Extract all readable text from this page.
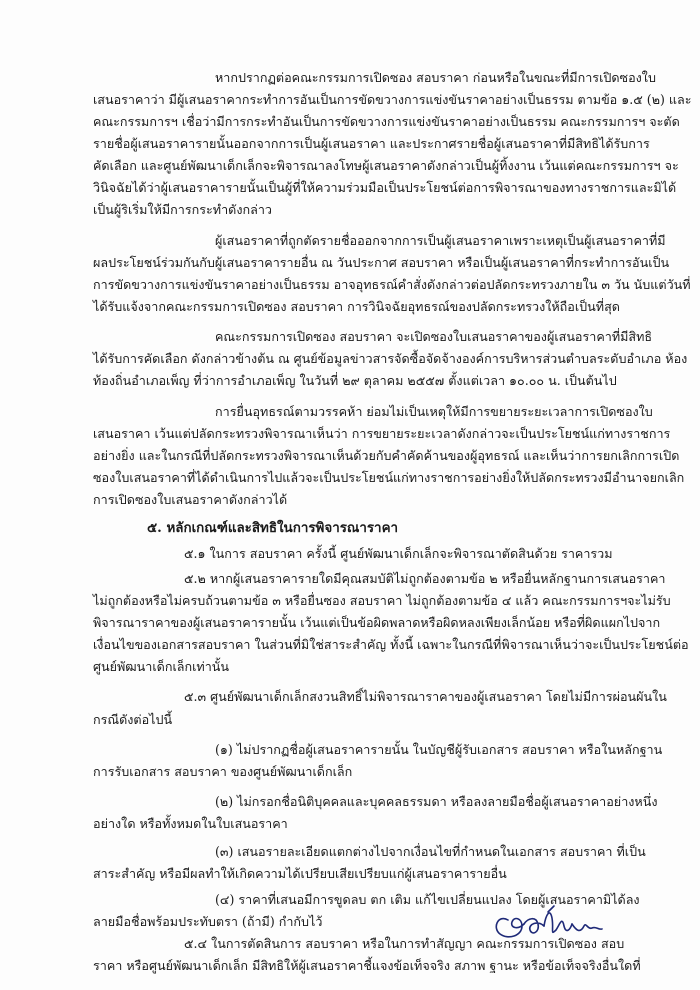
หากปรากฏต่อคณะกรรมการเปิดซอง สอบราคา ก่อนหรือในขณะที่มีการเปิดซองใบ
เสนอราคาว่า มีผู้เสนอราคากระทำการอันเป็นการขัดขวางการแข่งขันราคาอย่างเป็นธรรม ตามข้อ ๑.๕ (๒) และ
คณะกรรมการฯ เชื่อว่ามีการกระทำอันเป็นการขัดขวางการแข่งขันราคาอย่างเป็นธรรม คณะกรรมการฯ จะตัด
รายชื่อผู้เสนอราคารายนั้นออกจากการเป็นผู้เสนอราคา และประกาศรายชื่อผู้เสนอราคาที่มีสิทธิได้รับการ
คัดเลือก และศูนย์พัฒนาเด็กเล็กจะพิจารณาลงโทษผู้เสนอราคาดังกล่าวเป็นผู้ทิ้งงาน เว้นแต่คณะกรรมการฯ จะ
วินิจฉัยได้ว่าผู้เสนอราคารายนั้นเป็นผู้ที่ให้ความร่วมมือเป็นประโยชน์ต่อการพิจารณาของทางราชการและมิได้
เป็นผู้ริเริ่มให้มีการกระทำดังกล่าว
ผู้เสนอราคาที่ถูกตัดรายชื่อออกจากการเป็นผู้เสนอราคาเพราะเหตุเป็นผู้เสนอราคาที่มี
ผลประโยชน์ร่วมกันกับผู้เสนอราคารายอื่น ณ วันประกาศ สอบราคา หรือเป็นผู้เสนอราคาที่กระทำการอันเป็น
การขัดขวางการแข่งขันราคาอย่างเป็นธรรม อาจอุทธรณ์คำสั่งดังกล่าวต่อปลัดกระทรวงภายใน ๓ วัน นับแต่วันที่
ได้รับแจ้งจากคณะกรรมการเปิดซอง สอบราคา การวินิจฉัยอุทธรณ์ของปลัดกระทรวงให้ถือเป็นที่สุด
คณะกรรมการเปิดซอง สอบราคา จะเปิดซองใบเสนอราคาของผู้เสนอราคาที่มีสิทธิ
ได้รับการคัดเลือก ดังกล่าวข้างต้น ณ ศูนย์ข้อมูลข่าวสารจัดซื้อจัดจ้างองค์การบริหารส่วนตำบลระดับอำเภอ ห้อง
ท้องถิ่นอำเภอเพ็ญ ที่ว่าการอำเภอเพ็ญ ในวันที่ ๒๙ ตุลาคม ๒๕๕๗ ตั้งแต่เวลา ๑๐.๐๐ น. เป็นต้นไป
การยื่นอุทธรณ์ตามวรรคห้า ย่อมไม่เป็นเหตุให้มีการขยายระยะเวลาการเปิดซองใบ
เสนอราคา เว้นแต่ปลัดกระทรวงพิจารณาเห็นว่า การขยายระยะเวลาดังกล่าวจะเป็นประโยชน์แก่ทางราชการ
อย่างยิ่ง และในกรณีที่ปลัดกระทรวงพิจารณาเห็นด้วยกับคำคัดค้านของผู้อุทธรณ์ และเห็นว่าการยกเลิกการเปิด
ซองใบเสนอราคาที่ได้ดำเนินการไปแล้วจะเป็นประโยชน์แก่ทางราชการอย่างยิ่งให้ปลัดกระทรวงมีอำนาจยกเลิก
การเปิดซองใบเสนอราคาดังกล่าวได้
๕. หลักเกณฑ์และสิทธิในการพิจารณาราคา
๕.๑ ในการ สอบราคา ครั้งนี้ ศูนย์พัฒนาเด็กเล็กจะพิจารณาตัดสินด้วย ราคารวม
๕.๒ หากผู้เสนอราคารายใดมีคุณสมบัติไม่ถูกต้องตามข้อ ๒ หรือยื่นหลักฐานการเสนอราคา
ไม่ถูกต้องหรือไม่ครบถ้วนตามข้อ ๓ หรือยื่นซอง สอบราคา ไม่ถูกต้องตามข้อ ๔ แล้ว คณะกรรมการฯจะไม่รับ
พิจารณาราคาของผู้เสนอราคารายนั้น เว้นแต่เป็นข้อผิดพลาดหรือผิดหลงเพียงเล็กน้อย หรือที่ผิดแผกไปจาก
เงื่อนไขของเอกสารสอบราคา ในส่วนที่มิใช่สาระสำคัญ ทั้งนี้ เฉพาะในกรณีที่พิจารณาเห็นว่าจะเป็นประโยชน์ต่อ
ศูนย์พัฒนาเด็กเล็กเท่านั้น
๕.๓ ศูนย์พัฒนาเด็กเล็กสงวนสิทธิ์ไม่พิจารณาราคาของผู้เสนอราคา โดยไม่มีการผ่อนผันใน
กรณีดังต่อไปนี้
(๑) ไม่ปรากฏชื่อผู้เสนอราคารายนั้น ในบัญชีผู้รับเอกสาร สอบราคา หรือในหลักฐาน
การรับเอกสาร สอบราคา ของศูนย์พัฒนาเด็กเล็ก
(๒) ไม่กรอกชื่อนิติบุคคลและบุคคลธรรมดา หรือลงลายมือชื่อผู้เสนอราคาอย่างหนึ่ง
อย่างใด หรือทั้งหมดในใบเสนอราคา
(๓) เสนอรายละเอียดแตกต่างไปจากเงื่อนไขที่กำหนดในเอกสาร สอบราคา ที่เป็น
สาระสำคัญ หรือมีผลทำให้เกิดความได้เปรียบเสียเปรียบแก่ผู้เสนอราคารายอื่น
(๔) ราคาที่เสนอมีการขูดลบ ตก เติม แก้ไขเปลี่ยนแปลง โดยผู้เสนอราคามิได้ลง
ลายมือชื่อพร้อมประทับตรา (ถ้ามี) กำกับไว้
๕.๔ ในการตัดสินการ สอบราคา หรือในการทำสัญญา คณะกรรมการเปิดซอง สอบ
ราคา หรือศูนย์พัฒนาเด็กเล็ก มีสิทธิให้ผู้เสนอราคาชี้แจงข้อเท็จจริง สภาพ ฐานะ หรือข้อเท็จจริงอื่นใดที่
